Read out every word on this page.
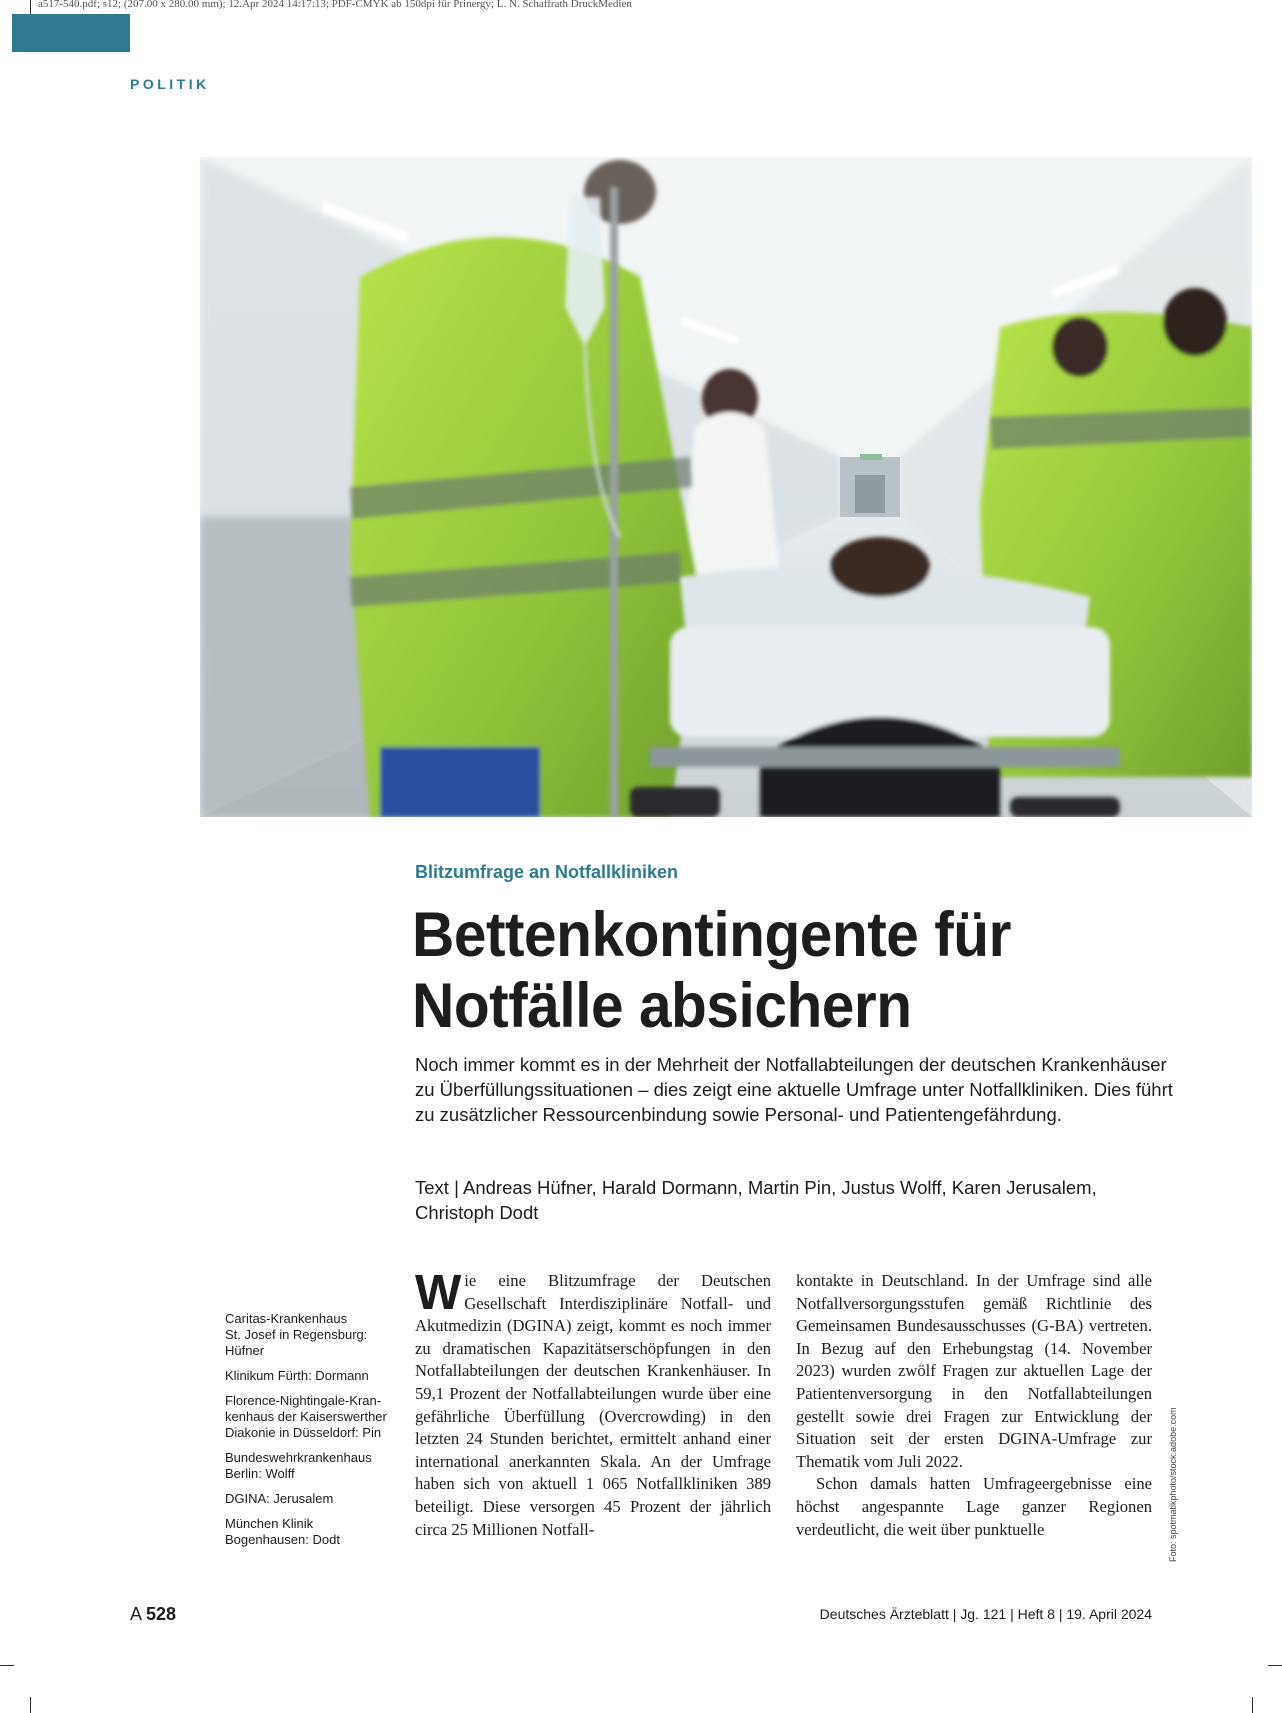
a517-540.pdf; s12; (207.00 x 280.00 mm); 12.Apr 2024 14:17:13; PDF-CMYK ab 150dpi für Prinergy; L. N. Schaffrath DruckMedien
POLITIK
Blitzumfrage an Notfallkliniken
Bettenkontingente für
Notfälle absichern

Noch immer kommt es in der Mehrheit der Notfallabteilungen der deutschen Krankenhäuser zu Überfüllungssituationen – dies zeigt eine aktuelle Umfrage unter Notfallkliniken. Dies führt zu zusätzlicher Ressourcenbindung sowie Personal- und Patientengefährdung.

Text | Andreas Hüfner, Harald Dormann, Martin Pin, Justus Wolff, Karen Jerusalem, Christoph Dodt

Caritas-Krankenhaus
St. Josef in Regensburg:
Hüfner

Klinikum Fürth: Dormann

Florence-Nightingale-Kran-
kenhaus der Kaiserswerther
Diakonie in Düsseldorf: Pin

Bundeswehrkrankenhaus
Berlin: Wolff

DGINA: Jerusalem

München Klinik
Bogenhausen: Dodt

Wie eine Blitzumfrage der Deutschen Gesellschaft Interdisziplinäre Notfall- und Akutmedizin (DGINA) zeigt, kommt es noch immer zu dramatischen Kapazitätserschöpfungen in den Notfallabteilungen der deutschen Krankenhäuser. In 59,1 Prozent der Notfallabteilungen wurde über eine gefährliche Überfüllung (Overcrowding) in den letzten 24 Stunden berichtet, ermittelt anhand einer international anerkannten Skala. An der Umfrage haben sich von aktuell 1 065 Notfallkliniken 389 beteiligt. Diese versorgen 45 Prozent der jährlich circa 25 Millionen Notfall-

kontakte in Deutschland. In der Umfrage sind alle Notfallversorgungsstufen gemäß Richtlinie des Gemeinsamen Bundesausschusses (G-BA) vertreten. In Bezug auf den Erhebungstag (14. November 2023) wurden zwölf Fragen zur aktuellen Lage der Patientenversorgung in den Notfallabteilungen gestellt sowie drei Fragen zur Entwicklung der Situation seit der ersten DGINA-Umfrage zur Thematik vom Juli 2022.

Schon damals hatten Umfrageergebnisse eine höchst angespannte Lage ganzer Regionen verdeutlicht, die weit über punktuelle	Foto: spotmatikphoto/stock.adobe.com
A 528	Deutsches Ärzteblatt | Jg. 121 | Heft 8 | 19. April 2024
